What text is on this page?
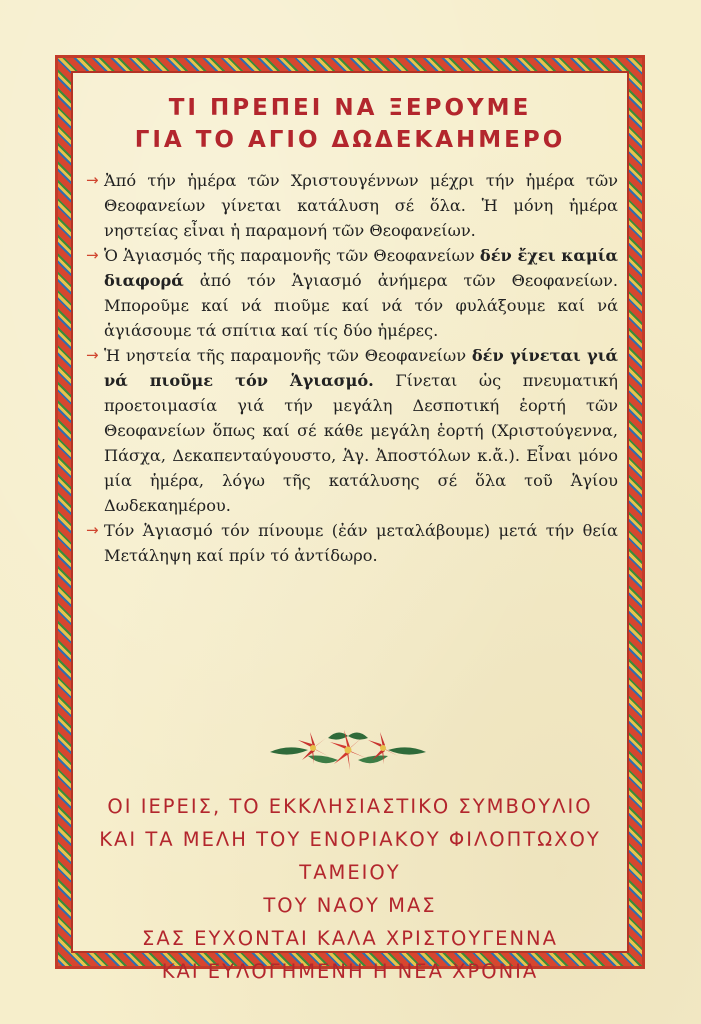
ΤΙ ΠΡΕΠΕΙ ΝΑ ΞΕΡΟΥΜΕ
ΓΙΑ ΤΟ ΑΓΙΟ ΔΩΔΕΚΑΗΜΕΡΟ
→ Ἀπό τήν ἡμέρα τῶν Χριστουγέννων μέχρι τήν ἡμέρα τῶν Θεοφανείων γίνεται κατάλυση σέ ὅλα. Ἡ μόνη ἡμέρα νηστείας εἶναι ἡ παραμονή τῶν Θεοφανείων.
→ Ὁ Ἁγιασμός τῆς παραμονῆς τῶν Θεοφανείων δέν ἔχει καμία διαφορά ἀπό τόν Ἁγιασμό ἀνήμερα τῶν Θεοφανείων. Μποροῦμε καί νά πιοῦμε καί νά τόν φυλάξουμε καί νά ἁγιάσουμε τά σπίτια καί τίς δύο ἡμέρες.
→ Ἡ νηστεία τῆς παραμονῆς τῶν Θεοφανείων δέν γίνεται γιά νά πιοῦμε τόν Ἁγιασμό. Γίνεται ὡς πνευματική προετοιμασία γιά τήν μεγάλη Δεσποτική ἑορτή τῶν Θεοφανείων ὅπως καί σέ κάθε μεγάλη ἑορτή (Χριστούγεννα, Πάσχα, Δεκαπενταύγουστο, Ἁγ. Ἀποστόλων κ.ἄ.). Εἶναι μόνο μία ἡμέρα, λόγω τῆς κατάλυσης σέ ὅλα τοῦ Ἁγίου Δωδεκαημέρου.
→ Τόν Ἁγιασμό τόν πίνουμε (ἐάν μεταλάβουμε) μετά τήν θεία Μετάληψη καί πρίν τό ἀντίδωρο.
ΟΙ ΙΕΡΕΙΣ, ΤΟ ΕΚΚΛΗΣΙΑΣΤΙΚΟ ΣΥΜΒΟΥΛΙΟ
ΚΑΙ ΤΑ ΜΕΛΗ ΤΟΥ ΕΝΟΡΙΑΚΟΥ ΦΙΛΟΠΤΩΧΟΥ ΤΑΜΕΙΟΥ
ΤΟΥ ΝΑΟΥ ΜΑΣ
ΣΑΣ ΕΥΧΟΝΤΑΙ ΚΑΛΑ ΧΡΙΣΤΟΥΓΕΝΝΑ
ΚΑΙ ΕΥΛΟΓΗΜΕΝΗ Η ΝΕΑ ΧΡΟΝΙΑ
